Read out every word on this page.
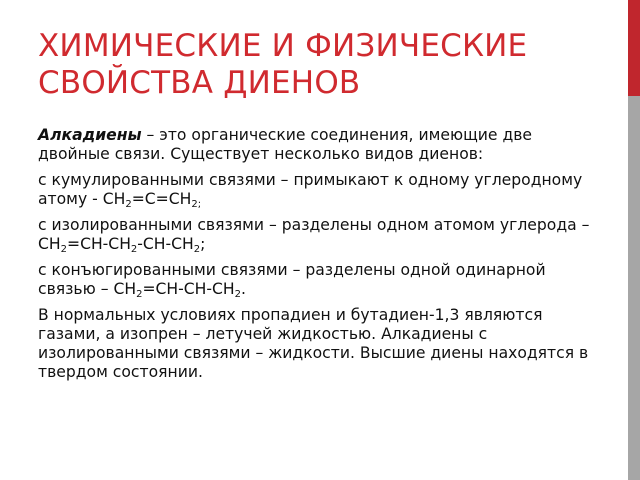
ХИМИЧЕСКИЕ И ФИЗИЧЕСКИЕ
СВОЙСТВА ДИЕНОВ

Алкадиены – это органические соединения, имеющие две двойные связи. Существует несколько видов диенов:

с кумулированными связями – примыкают к одному углеродному атому - $CH_2=C=CH_{2;}$

с изолированными связями – разделены одном атомом углерода – $CH_2=CH-CH_2-CH-CH_2$;

с конъюгированными связями – разделены одной одинарной связью – $CH_2=CH-CH-CH_2$.

В нормальных условиях пропадиен и бутадиен-1,3 являются газами, а изопрен – летучей жидкостью. Алкадиены с изолированными связями – жидкости. Высшие диены находятся в твердом состоянии.
